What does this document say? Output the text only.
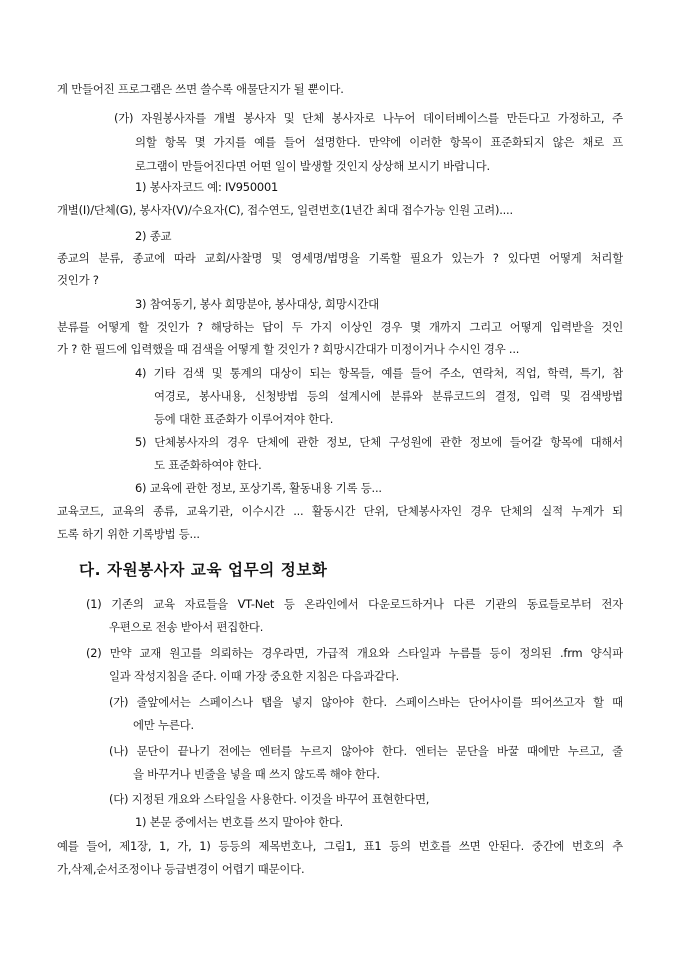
게 만들어진 프로그램은 쓰면 쓸수록 애물단지가 될 뿐이다.
(가) 자원봉사자를 개별 봉사자 및 단체 봉사자로 나누어 데이터베이스를 만든다고 가정하고, 주
의할 항목 몇 가지를 예를 들어 설명한다. 만약에 이러한 항목이 표준화되지 않은 채로 프
로그램이 만들어진다면 어떤 일이 발생할 것인지 상상해 보시기 바랍니다.
1) 봉사자코드 예: IV950001
개별(I)/단체(G), 봉사자(V)/수요자(C), 접수연도, 일련번호(1년간 최대 접수가능 인원 고려)....
2) 종교
종교의 분류, 종교에 따라 교회/사찰명 및 영세명/법명을 기록할 필요가 있는가 ? 있다면 어떻게 처리할
것인가 ?
3) 참여동기, 봉사 희망분야, 봉사대상, 희망시간대
분류를 어떻게 할 것인가 ? 해당하는 답이 두 가지 이상인 경우 몇 개까지 그리고 어떻게 입력받을 것인
가 ? 한 필드에 입력했을 때 검색을 어떻게 할 것인가 ? 희망시간대가 미정이거나 수시인 경우 ...
4) 기타 검색 및 통계의 대상이 되는 항목들, 예를 들어 주소, 연락처, 직업, 학력, 특기, 참
여경로, 봉사내용, 신청방법 등의 설계시에 분류와 분류코드의 결정, 입력 및 검색방법
등에 대한 표준화가 이루어져야 한다.
5) 단체봉사자의 경우 단체에 관한 정보, 단체 구성원에 관한 정보에 들어갈 항목에 대해서
도 표준화하여야 한다.
6) 교육에 관한 정보, 포상기록, 활동내용 기록 등...
교육코드, 교육의 종류, 교육기관, 이수시간 ... 활동시간 단위, 단체봉사자인 경우 단체의 실적 누계가 되
도록 하기 위한 기록방법 등...
다. 자원봉사자 교육 업무의 정보화
(1) 기존의 교육 자료들을 VT-Net 등 온라인에서 다운로드하거나 다른 기관의 동료들로부터 전자
우편으로 전송 받아서 편집한다.
(2) 만약 교재 원고를 의뢰하는 경우라면, 가급적 개요와 스타일과 누름틀 등이 정의된 .frm 양식파
일과 작성지침을 준다. 이때 가장 중요한 지침은 다음과같다.
(가) 줄앞에서는 스페이스나 탭을 넣지 않아야 한다. 스페이스바는 단어사이를 띄어쓰고자 할 때
에만 누른다.
(나) 문단이 끝나기 전에는 엔터를 누르지 않아야 한다. 엔터는 문단을 바꿀 때에만 누르고, 줄
을 바꾸거나 빈줄을 넣을 때 쓰지 않도록 해야 한다.
(다) 지정된 개요와 스타일을 사용한다. 이것을 바꾸어 표현한다면,
1) 본문 중에서는 번호를 쓰지 말아야 한다.
예를 들어, 제1장, 1, 가, 1) 등등의 제목번호나, 그림1, 표1 등의 번호를 쓰면 안된다. 중간에 번호의 추
가,삭제,순서조정이나 등급변경이 어렵기 때문이다.
